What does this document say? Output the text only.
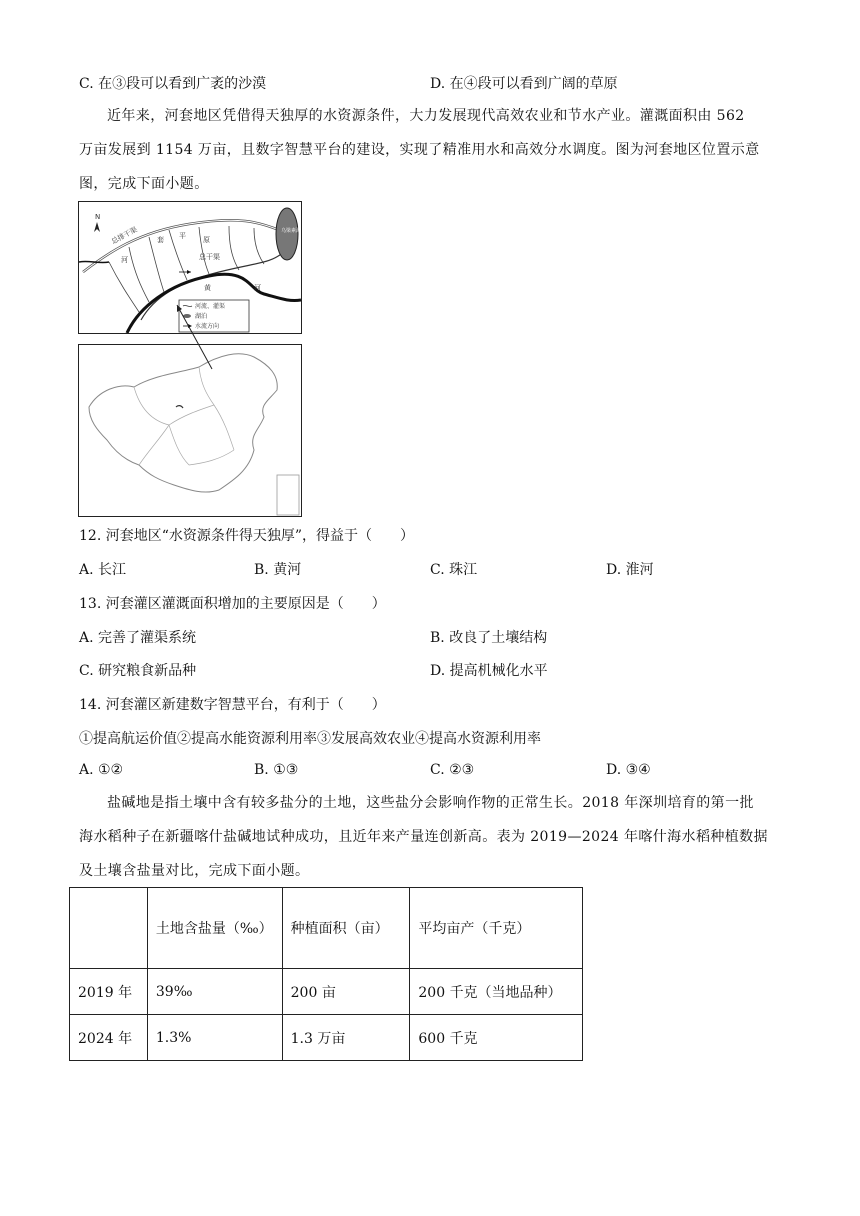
C. 在③段可以看到广袤的沙漠	D. 在④段可以看到广阔的草原
近年来，河套地区凭借得天独厚的水资源条件，大力发展现代高效农业和节水产业。灌溉面积由 562
万亩发展到 1154 万亩，且数字智慧平台的建设，实现了精准用水和高效分水调度。图为河套地区位置示意
图，完成下面小题。
N
乌梁素海
总排干渠	套 平 原
河	总干渠
黄	河
河流、灌渠
湖泊
水流方向
12. 河套地区“水资源条件得天独厚”，得益于（　　）
A. 长江	B. 黄河	C. 珠江	D. 淮河
13. 河套灌区灌溉面积增加的主要原因是（　　）
A. 完善了灌渠系统	B. 改良了土壤结构
C. 研究粮食新品种	D. 提高机械化水平
14. 河套灌区新建数字智慧平台，有利于（　　）
①提高航运价值②提高水能资源利用率③发展高效农业④提高水资源利用率
A. ①②	B. ①③	C. ②③	D. ③④
盐碱地是指土壤中含有较多盐分的土地，这些盐分会影响作物的正常生长。2018 年深圳培育的第一批
海水稻种子在新疆喀什盐碱地试种成功，且近年来产量连创新高。表为 2019—2024 年喀什海水稻种植数据
及土壤含盐量对比，完成下面小题。
	土地含盐量（‰）	种植面积（亩）	平均亩产（千克）
2019 年	39‰	200 亩	200 千克（当地品种）
2024 年	1.3%	1.3 万亩	600 千克
